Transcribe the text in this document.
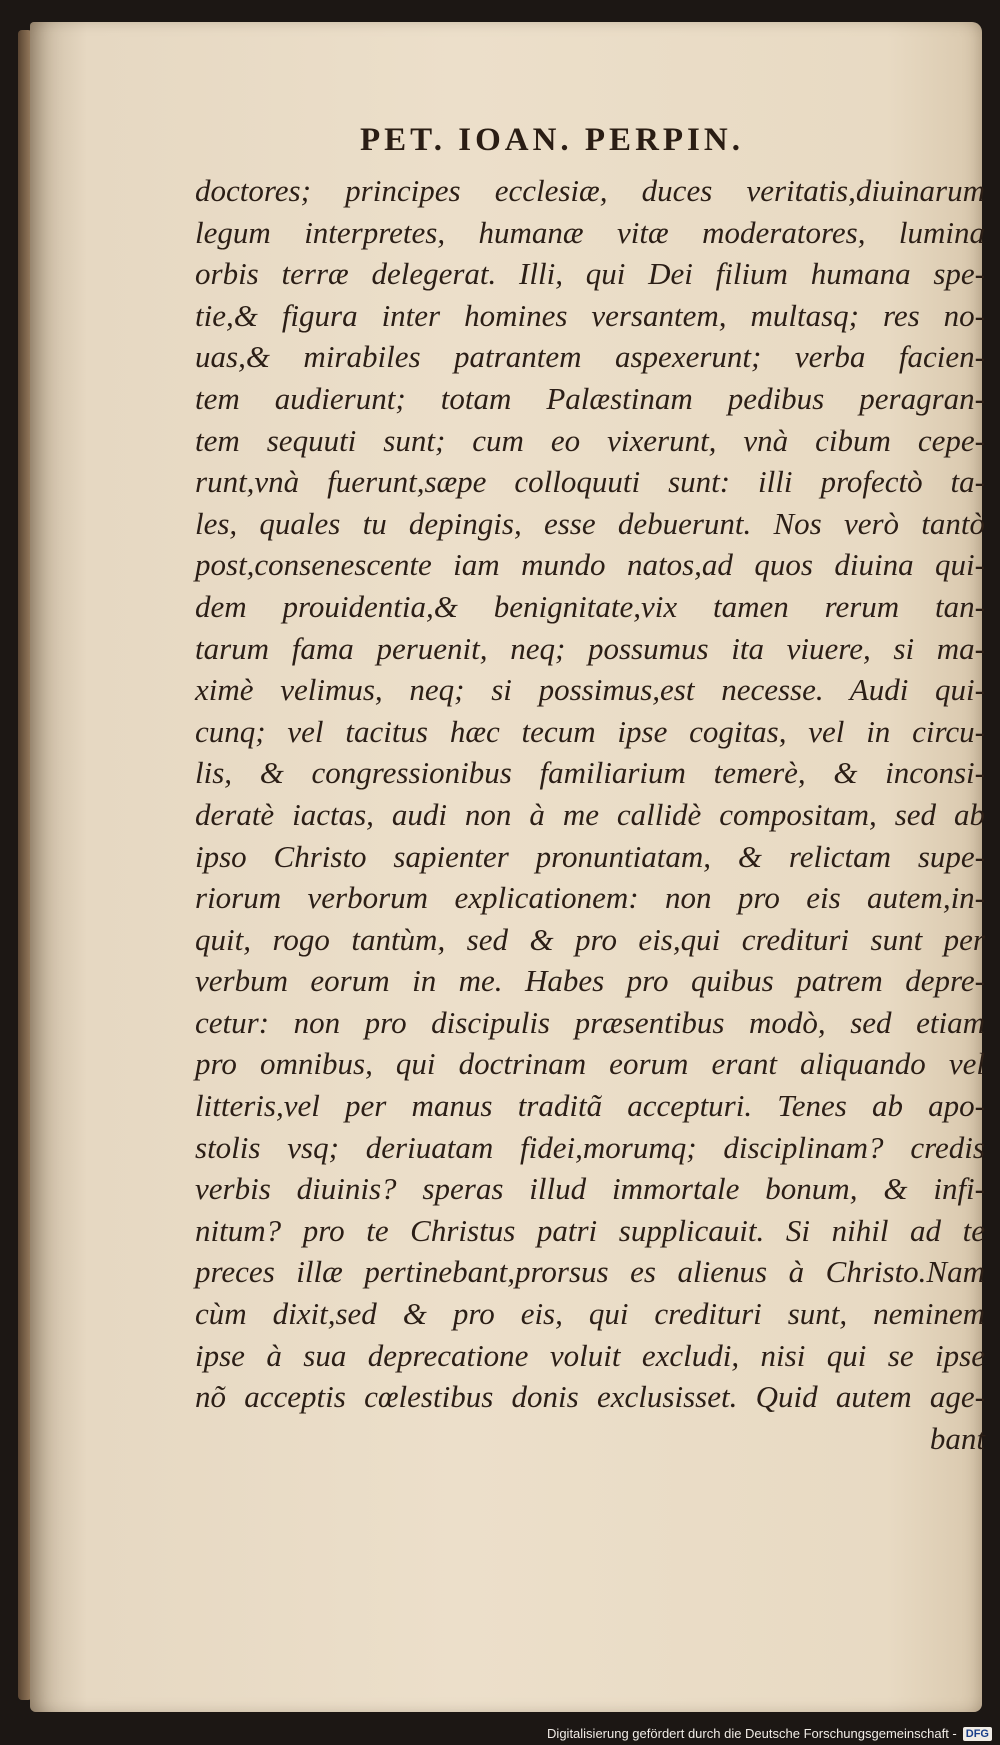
PET. IOAN. PERPIN.
doctores; principes ecclesiæ, duces veritatis,diuinarum
legum interpretes, humanæ vitæ moderatores, lumina
orbis terræ delegerat. Illi, qui Dei filium humana spe-
tie,& figura inter homines versantem, multasq; res no-
uas,& mirabiles patrantem aspexerunt; verba facien-
tem audierunt; totam Palæstinam pedibus peragran-
tem sequuti sunt; cum eo vixerunt, vnà cibum cepe-
runt,vnà fuerunt,sæpe colloquuti sunt: illi profectò ta-
les, quales tu depingis, esse debuerunt. Nos verò tantò
post,consenescente iam mundo natos,ad quos diuina qui-
dem prouidentia,& benignitate,vix tamen rerum tan-
tarum fama peruenit, neq; possumus ita viuere, si ma-
ximè velimus, neq; si possimus,est necesse. Audi qui-
cunq; vel tacitus hæc tecum ipse cogitas, vel in circu-
lis, & congressionibus familiarium temerè, & inconsi-
deratè iactas, audi non à me callidè compositam, sed ab
ipso Christo sapienter pronuntiatam, & relictam supe-
riorum verborum explicationem: non pro eis autem,in-
quit, rogo tantùm, sed & pro eis,qui credituri sunt per
verbum eorum in me. Habes pro quibus patrem depre-
cetur: non pro discipulis præsentibus modò, sed etiam
pro omnibus, qui doctrinam eorum erant aliquando vel
litteris,vel per manus traditã accepturi. Tenes ab apo-
stolis vsq; deriuatam fidei,morumq; disciplinam? credis
verbis diuinis? speras illud immortale bonum, & infi-
nitum? pro te Christus patri supplicauit. Si nihil ad te
preces illæ pertinebant,prorsus es alienus à Christo.Nam
cùm dixit,sed & pro eis, qui credituri sunt, neminem
ipse à sua deprecatione voluit excludi, nisi qui se ipse
nõ acceptis cœlestibus donis exclusisset. Quid autem age-
bant
Digitalisierung gefördert durch die Deutsche Forschungsgemeinschaft - DFG
